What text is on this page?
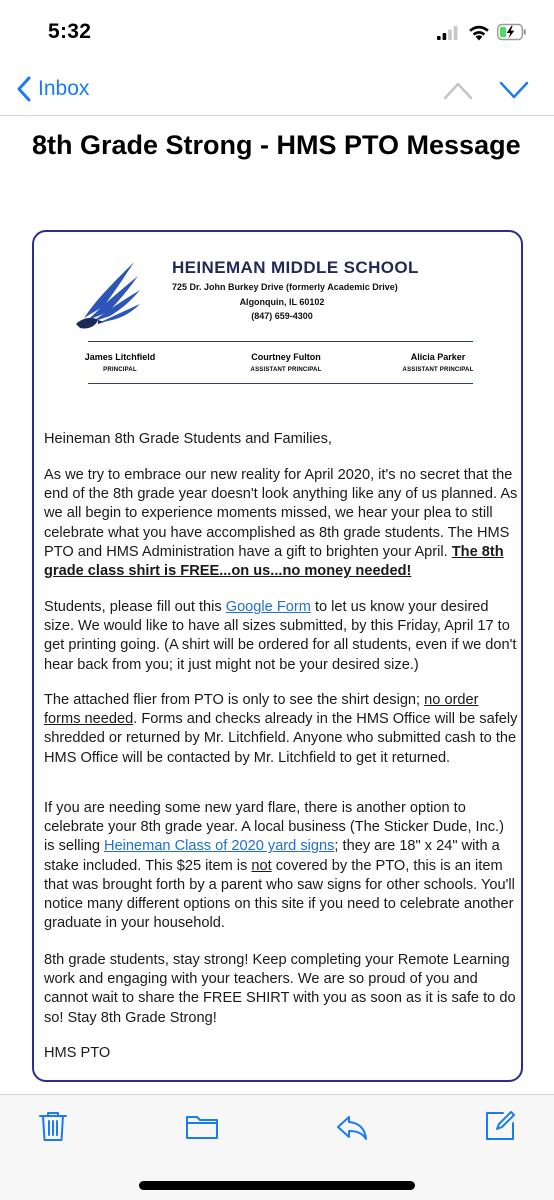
5:32
Inbox
8th Grade Strong - HMS PTO Message
HEINEMAN MIDDLE SCHOOL
725 Dr. John Burkey Drive (formerly Academic Drive)
Algonquin, IL 60102
(847) 659-4300
James Litchfield
PRINCIPAL
Courtney Fulton
ASSISTANT PRINCIPAL
Alicia Parker
ASSISTANT PRINCIPAL
Heineman 8th Grade Students and Families,
As we try to embrace our new reality for April 2020, it's no secret that the end of the 8th grade year doesn't look anything like any of us planned. As we all begin to experience moments missed, we hear your plea to still celebrate what you have accomplished as 8th grade students. The HMS PTO and HMS Administration have a gift to brighten your April. The 8th grade class shirt is FREE...on us...no money needed!
Students, please fill out this Google Form to let us know your desired size. We would like to have all sizes submitted, by this Friday, April 17 to get printing going. (A shirt will be ordered for all students, even if we don't hear back from you; it just might not be your desired size.)
The attached flier from PTO is only to see the shirt design; no order forms needed. Forms and checks already in the HMS Office will be safely shredded or returned by Mr. Litchfield. Anyone who submitted cash to the HMS Office will be contacted by Mr. Litchfield to get it returned.
If you are needing some new yard flare, there is another option to celebrate your 8th grade year. A local business (The Sticker Dude, Inc.) is selling Heineman Class of 2020 yard signs; they are 18" x 24" with a stake included. This $25 item is not covered by the PTO, this is an item that was brought forth by a parent who saw signs for other schools. You'll notice many different options on this site if you need to celebrate another graduate in your household.
8th grade students, stay strong! Keep completing your Remote Learning work and engaging with your teachers. We are so proud of you and cannot wait to share the FREE SHIRT with you as soon as it is safe to do so! Stay 8th Grade Strong!
HMS PTO
